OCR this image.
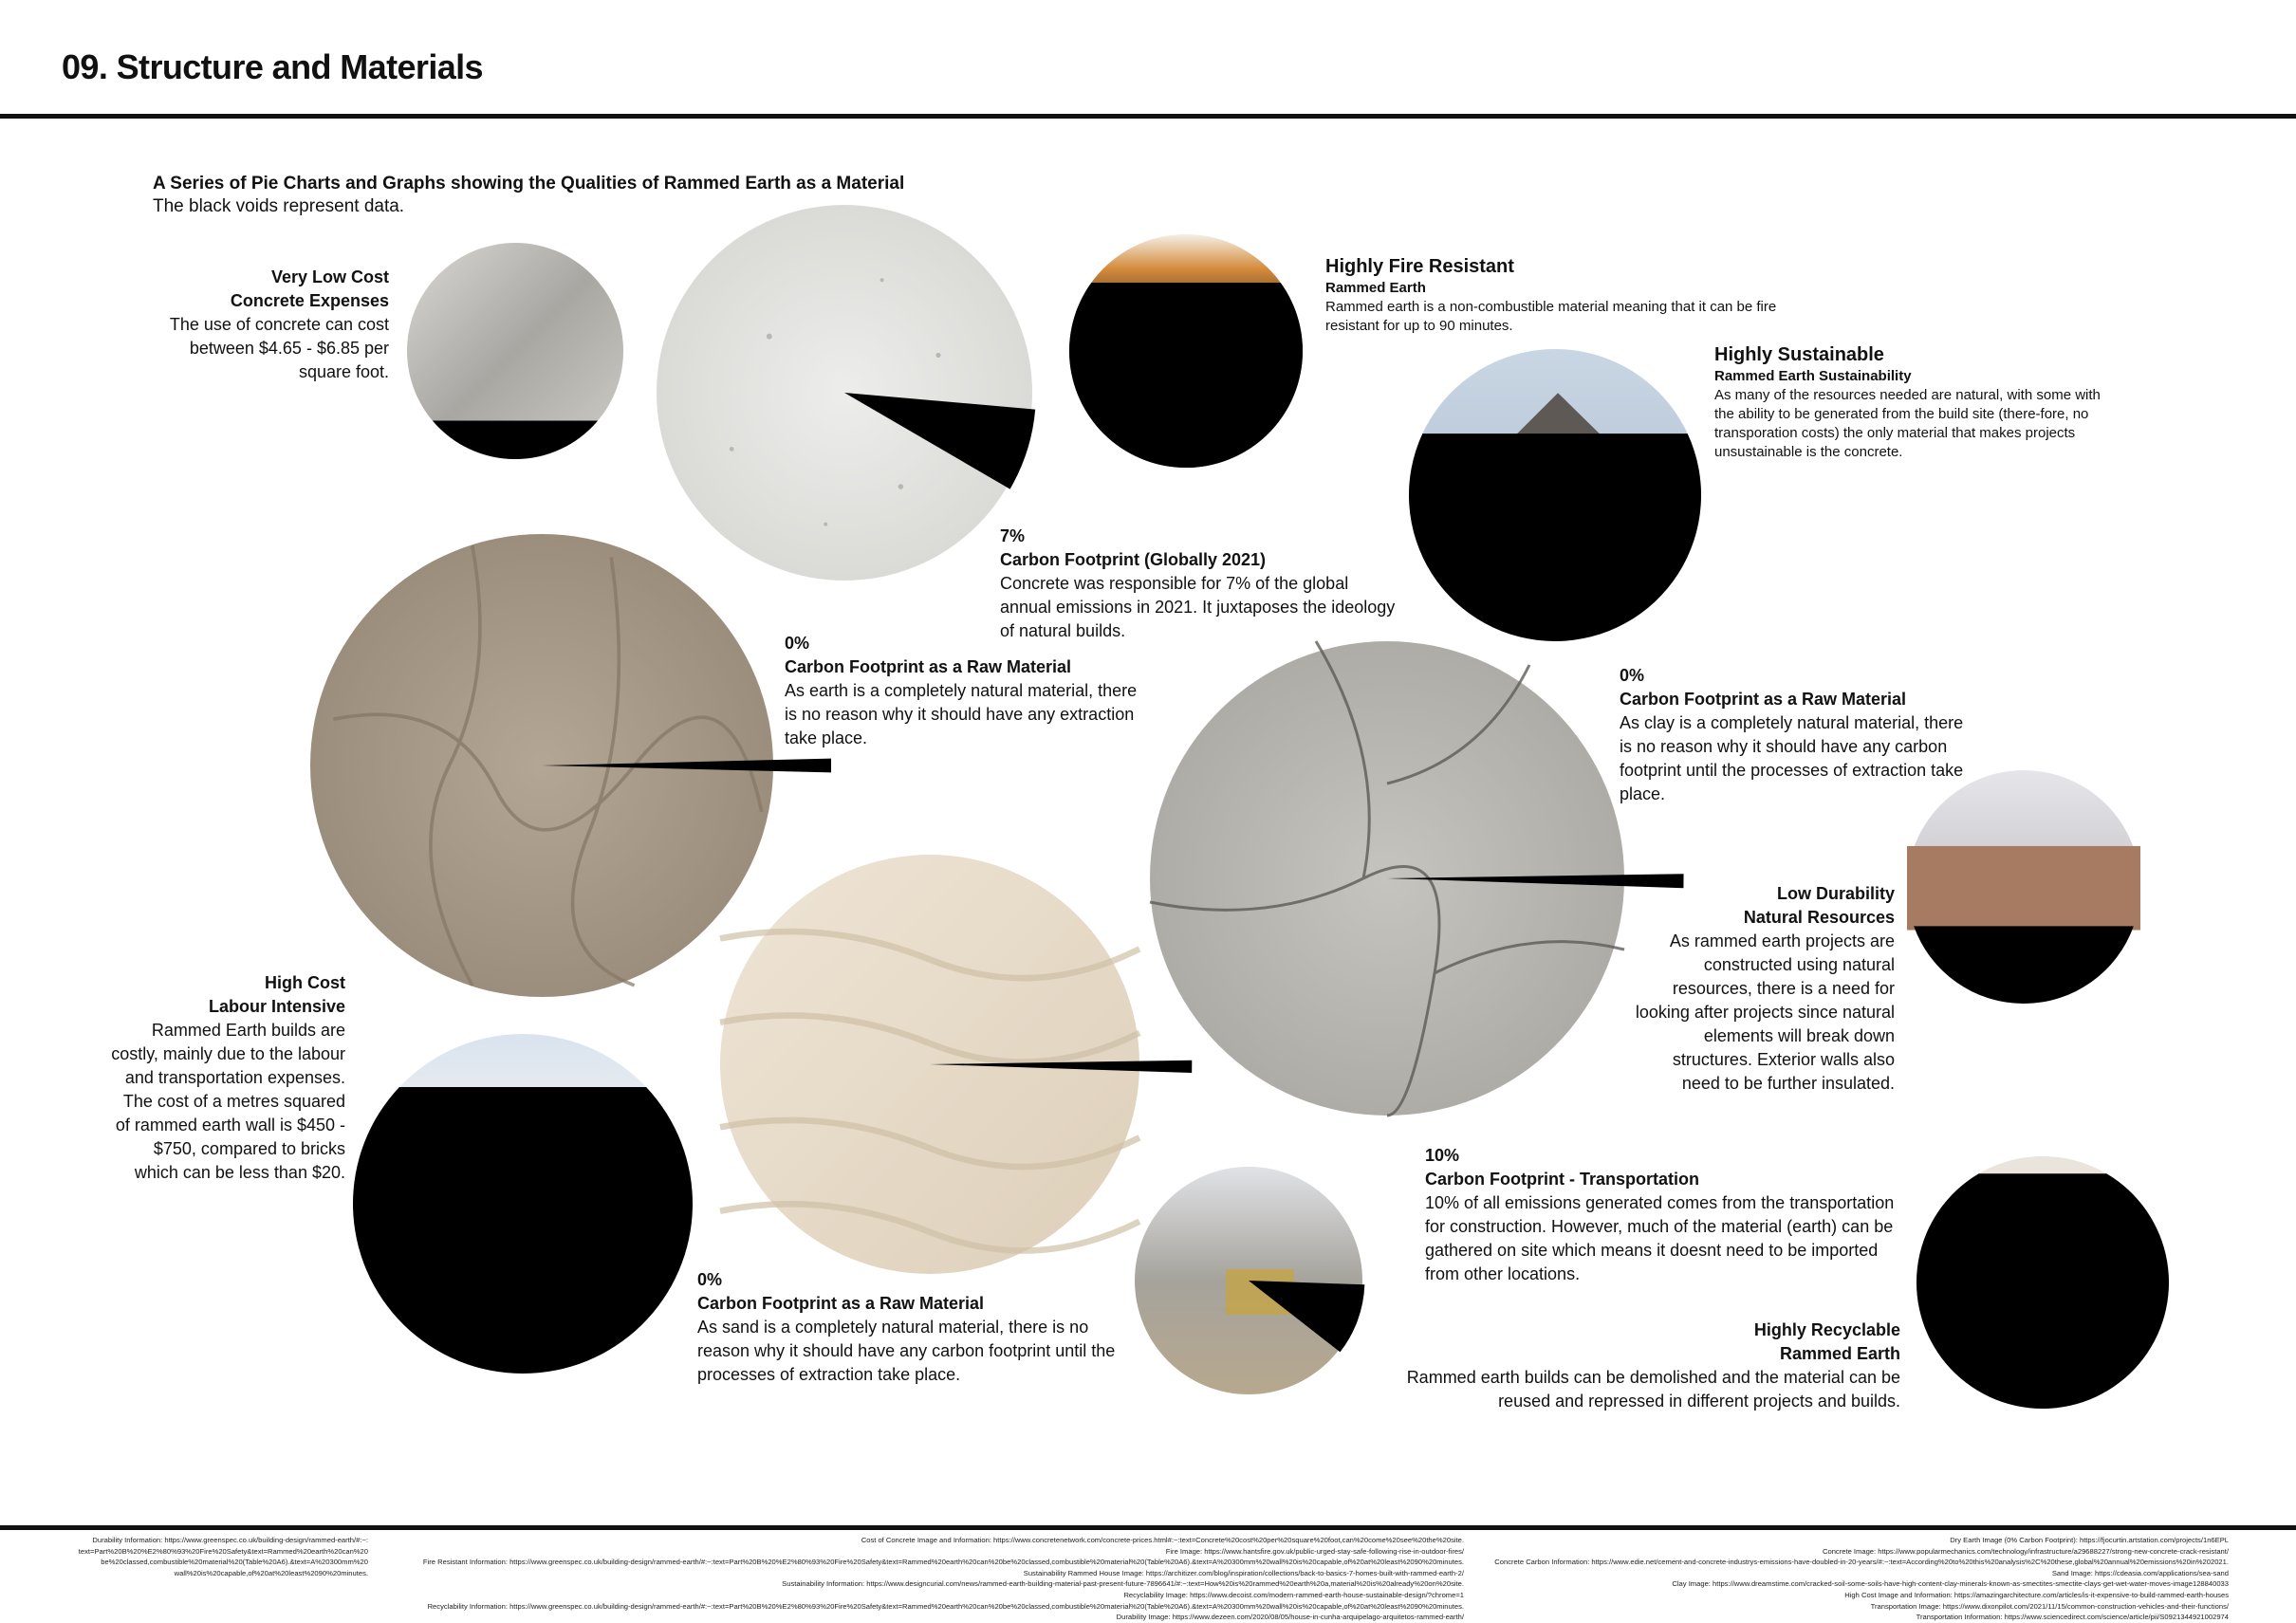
09. Structure and Materials
A Series of Pie Charts and Graphs showing the Qualities of Rammed Earth as a Material
The black voids represent data.
Very Low Cost
Concrete Expenses
The use of concrete can cost between $4.65 - $6.85 per square foot.
Highly Fire Resistant
Rammed Earth
Rammed earth is a non-combustible material meaning that it can be fire resistant for up to 90 minutes.
Highly Sustainable
Rammed Earth Sustainability
As many of the resources needed are natural, with some with the ability to be generated from the build site (there-fore, no transporation costs) the only material that makes projects unsustainable is the concrete.
7%
Carbon Footprint (Globally 2021)
Concrete was responsible for 7% of the global annual emissions in 2021. It juxtaposes the ideology of natural builds.
0%
Carbon Footprint as a Raw Material
As earth is a completely natural material, there is no reason why it should have any extraction take place.
0%
Carbon Footprint as a Raw Material
As clay is a completely natural material, there is no reason why it should have any carbon footprint until the processes of extraction take place.
Low Durability
Natural Resources
As rammed earth projects are constructed using natural resources, there is a need for looking after projects since natural elements will break down structures. Exterior walls also need to be further insulated.
High Cost
Labour Intensive
Rammed Earth builds are costly, mainly due to the labour and transportation expenses. The cost of a metres squared of rammed earth wall is $450 - $750, compared to bricks which can be less than $20.
10%
Carbon Footprint - Transportation
10% of all emissions generated comes from the transportation for construction. However, much of the material (earth) can be gathered on site which means it doesnt need to be imported from other locations.
0%
Carbon Footprint as a Raw Material
As sand is a completely natural material, there is no reason why it should have any carbon footprint until the processes of extraction take place.
Highly Recyclable
Rammed Earth
Rammed earth builds can be demolished and the material can be reused and repressed in different projects and builds.
Durability Information: https://www.greenspec.co.uk/building-design/rammed-earth/#:~:
text=Part%20B%20%E2%80%93%20Fire%20Safety&text=Rammed%20earth%20can%20
be%20classed,combustible%20material%20(Table%20A6).&text=A%20300mm%20
wall%20is%20capable,of%20at%20least%2090%20minutes.
Cost of Concrete Image and Information: https://www.concretenetwork.com/concrete-prices.html#:~:text=Concrete%20cost%20per%20square%20foot,can%20come%20see%20the%20site.
Fire Image: https://www.hantsfire.gov.uk/public-urged-stay-safe-following-rise-in-outdoor-fires/
Fire Resistant Information: https://www.greenspec.co.uk/building-design/rammed-earth/#:~:text=Part%20B%20%E2%80%93%20Fire%20Safety&text=Rammed%20earth%20can%20be%20classed,combustible%20material%20(Table%20A6).&text=A%20300mm%20wall%20is%20capable,of%20at%20least%2090%20minutes.
Sustainability Rammed House Image: https://architizer.com/blog/inspiration/collections/back-to-basics-7-homes-built-with-rammed-earth-2/
Sustainability Information: https://www.designcurial.com/news/rammed-earth-building-material-past-present-future-7896641/#:~:text=How%20is%20rammed%20earth%20a,material%20is%20already%20on%20site.
Recyclability Image: https://www.decoist.com/modern-rammed-earth-house-sustainable-design/?chrome=1
Recyclability Information: https://www.greenspec.co.uk/building-design/rammed-earth/#:~:text=Part%20B%20%E2%80%93%20Fire%20Safety&text=Rammed%20earth%20can%20be%20classed,combustible%20material%20(Table%20A6).&text=A%20300mm%20wall%20is%20capable,of%20at%20least%2090%20minutes.
Durability Image: https://www.dezeen.com/2020/08/05/house-in-cunha-arquipelago-arquitetos-rammed-earth/
Dry Earth Image (0% Carbon Footprint): https://fjocurtin.artstation.com/projects/1n6EPL
Concrete Image: https://www.popularmechanics.com/technology/infrastructure/a29688227/strong-new-concrete-crack-resistant/
Concrete Carbon Information: https://www.edie.net/cement-and-concrete-industrys-emissions-have-doubled-in-20-years/#:~:text=According%20to%20this%20analysis%2C%20these,global%20annual%20emissions%20in%202021.
Sand Image: https://cdeasia.com/applications/sea-sand
Clay Image: https://www.dreamstime.com/cracked-soil-some-soils-have-high-content-clay-minerals-known-as-smectites-smectite-clays-get-wet-water-moves-image128840033
High Cost Image and Information: https://amazingarchitecture.com/articles/is-it-expensive-to-build-rammed-earth-houses
Transportation Image: https://www.dixonpilot.com/2021/11/15/common-construction-vehicles-and-their-functions/
Transportation Information: https://www.sciencedirect.com/science/article/pii/S0921344921002974
